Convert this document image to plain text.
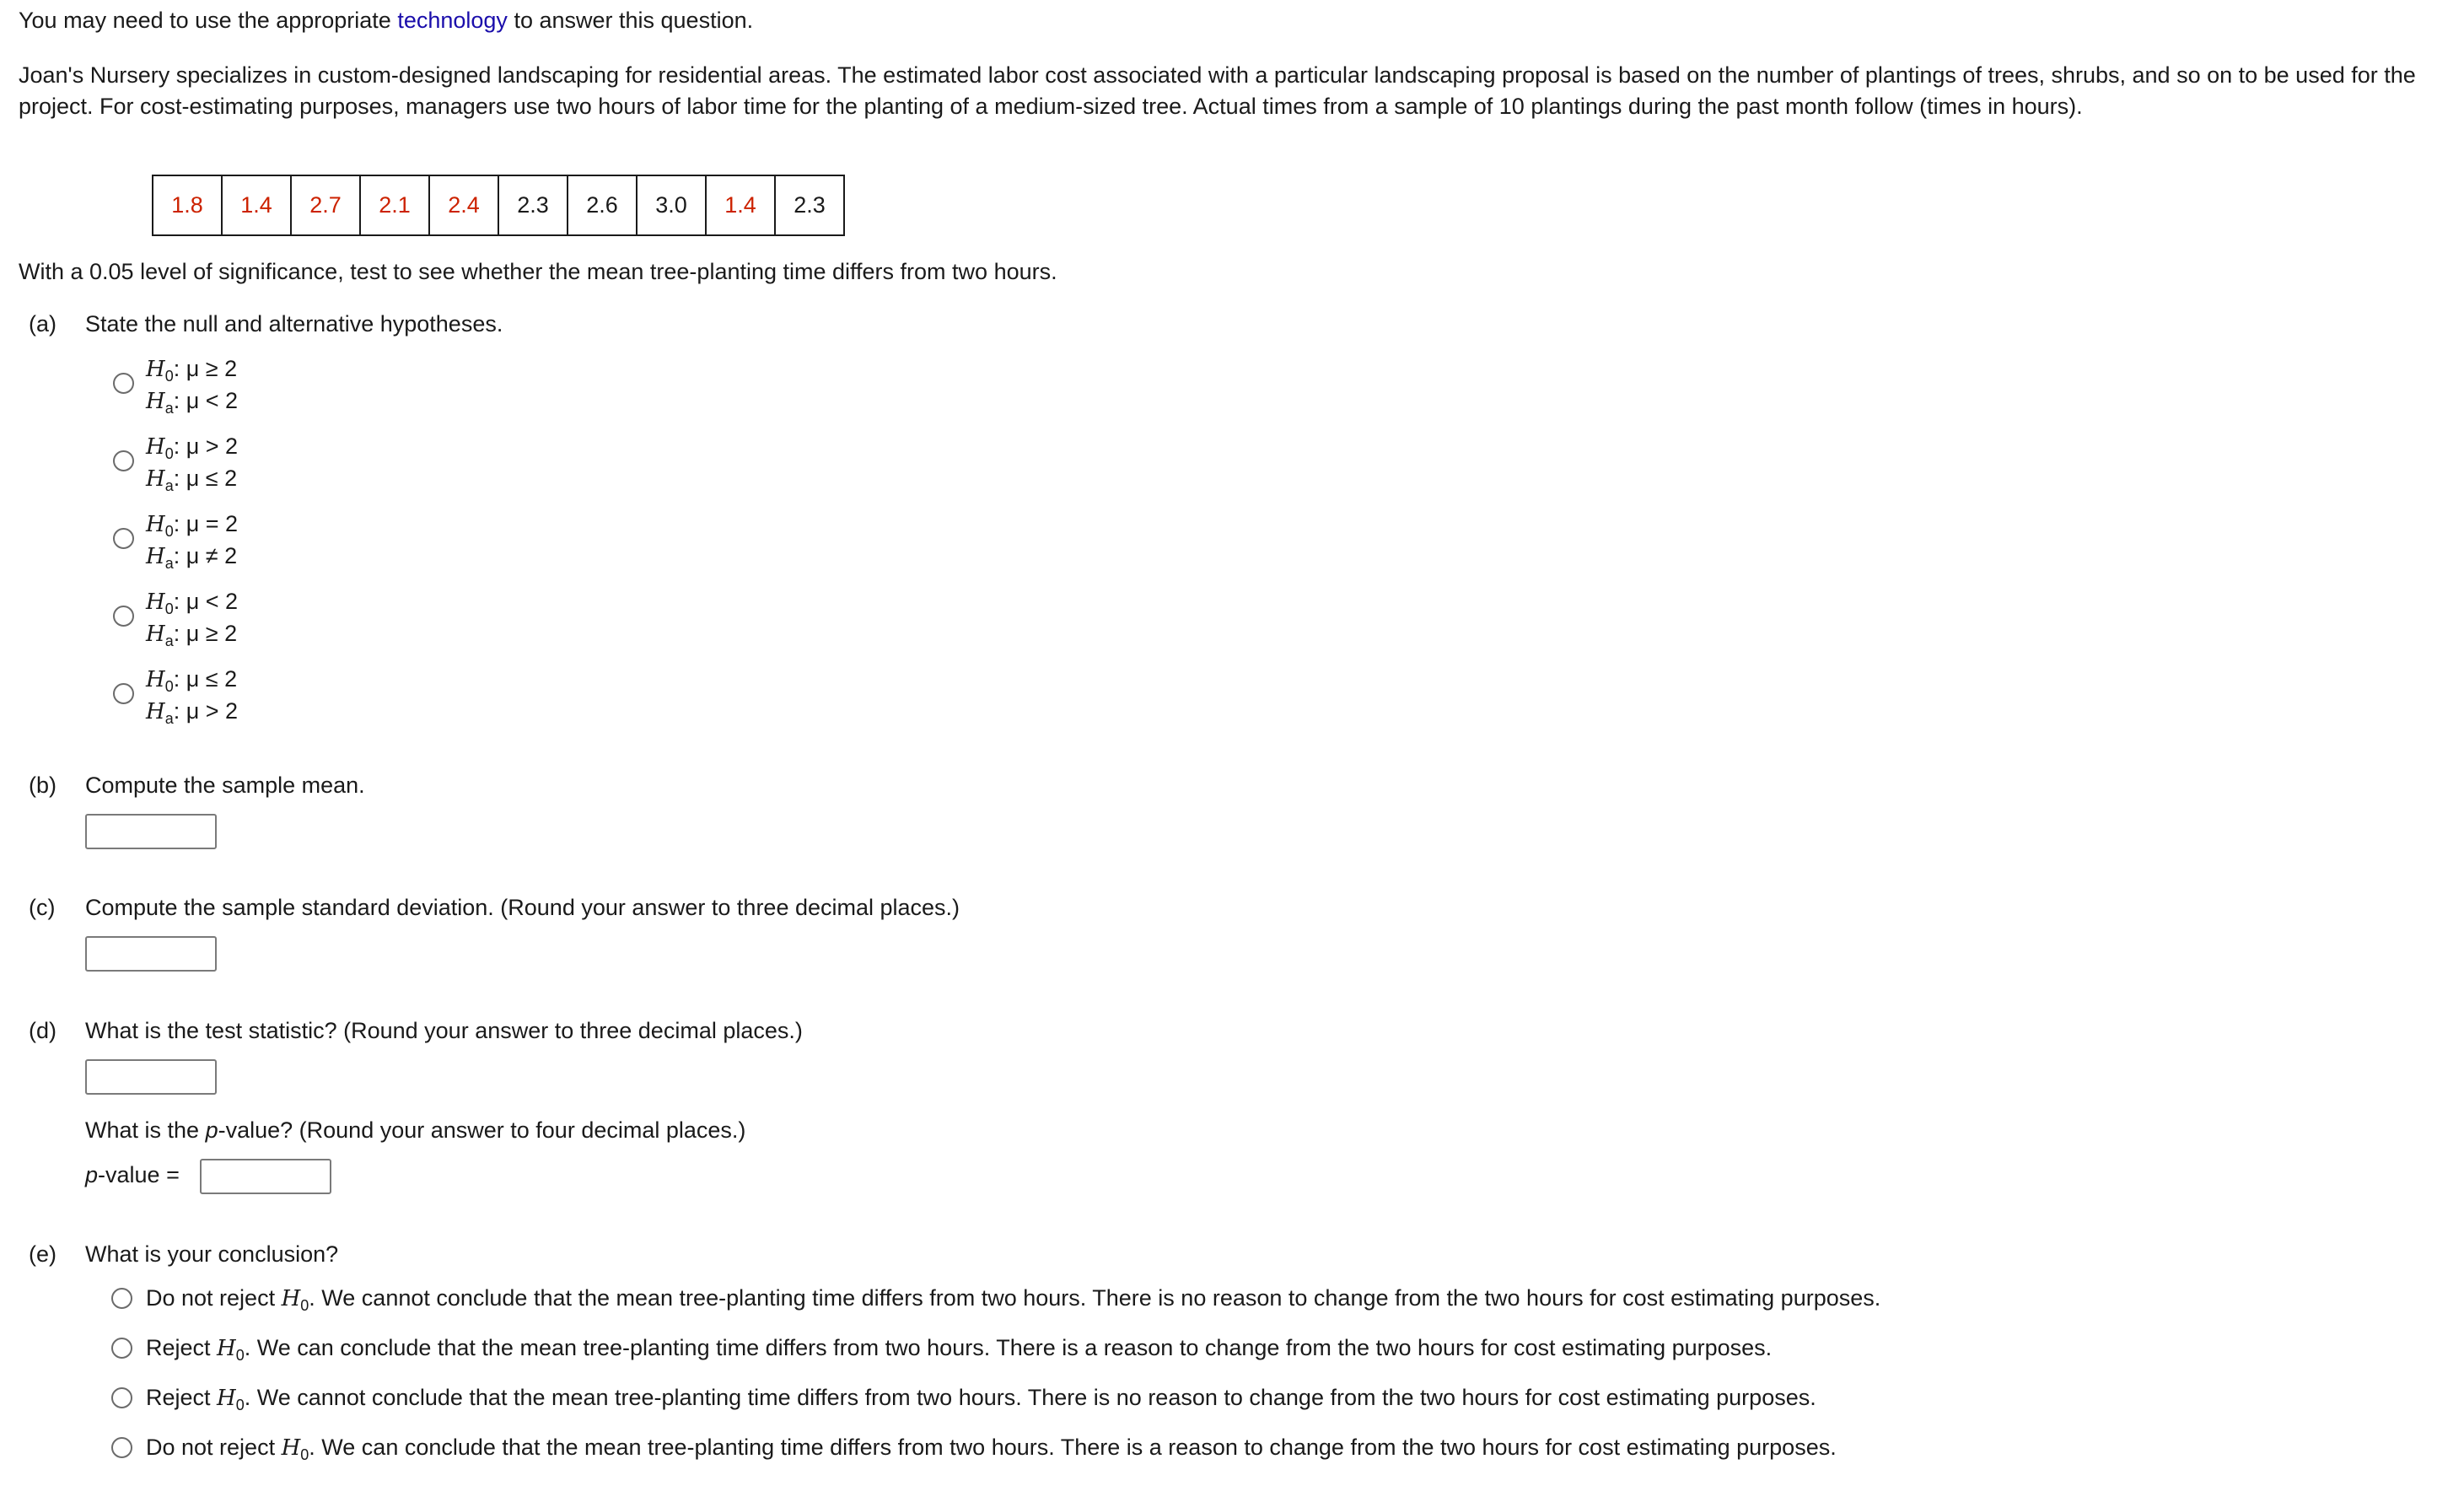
You may need to use the appropriate technology to answer this question.
Joan's Nursery specializes in custom-designed landscaping for residential areas. The estimated labor cost associated with a particular landscaping proposal is based on the number of plantings of trees, shrubs, and so on to be used for the project. For cost-estimating purposes, managers use two hours of labor time for the planting of a medium-sized tree. Actual times from a sample of 10 plantings during the past month follow (times in hours).
1.8	1.4	2.7	2.1	2.4	2.3	2.6	3.0	1.4	2.3
With a 0.05 level of significance, test to see whether the mean tree-planting time differs from two hours.
(a) State the null and alternative hypotheses.
$H_0$: μ ≥ 2
$H_a$: μ < 2
$H_0$: μ > 2
$H_a$: μ ≤ 2
$H_0$: μ = 2
$H_a$: μ ≠ 2
$H_0$: μ < 2
$H_a$: μ ≥ 2
$H_0$: μ ≤ 2
$H_a$: μ > 2
(b) Compute the sample mean.
(c) Compute the sample standard deviation. (Round your answer to three decimal places.)
(d) What is the test statistic? (Round your answer to three decimal places.)
What is the p-value? (Round your answer to four decimal places.)
p-value =
(e) What is your conclusion?
Do not reject $H_0$. We cannot conclude that the mean tree-planting time differs from two hours. There is no reason to change from the two hours for cost estimating purposes.
Reject $H_0$. We can conclude that the mean tree-planting time differs from two hours. There is a reason to change from the two hours for cost estimating purposes.
Reject $H_0$. We cannot conclude that the mean tree-planting time differs from two hours. There is no reason to change from the two hours for cost estimating purposes.
Do not reject $H_0$. We can conclude that the mean tree-planting time differs from two hours. There is a reason to change from the two hours for cost estimating purposes.
